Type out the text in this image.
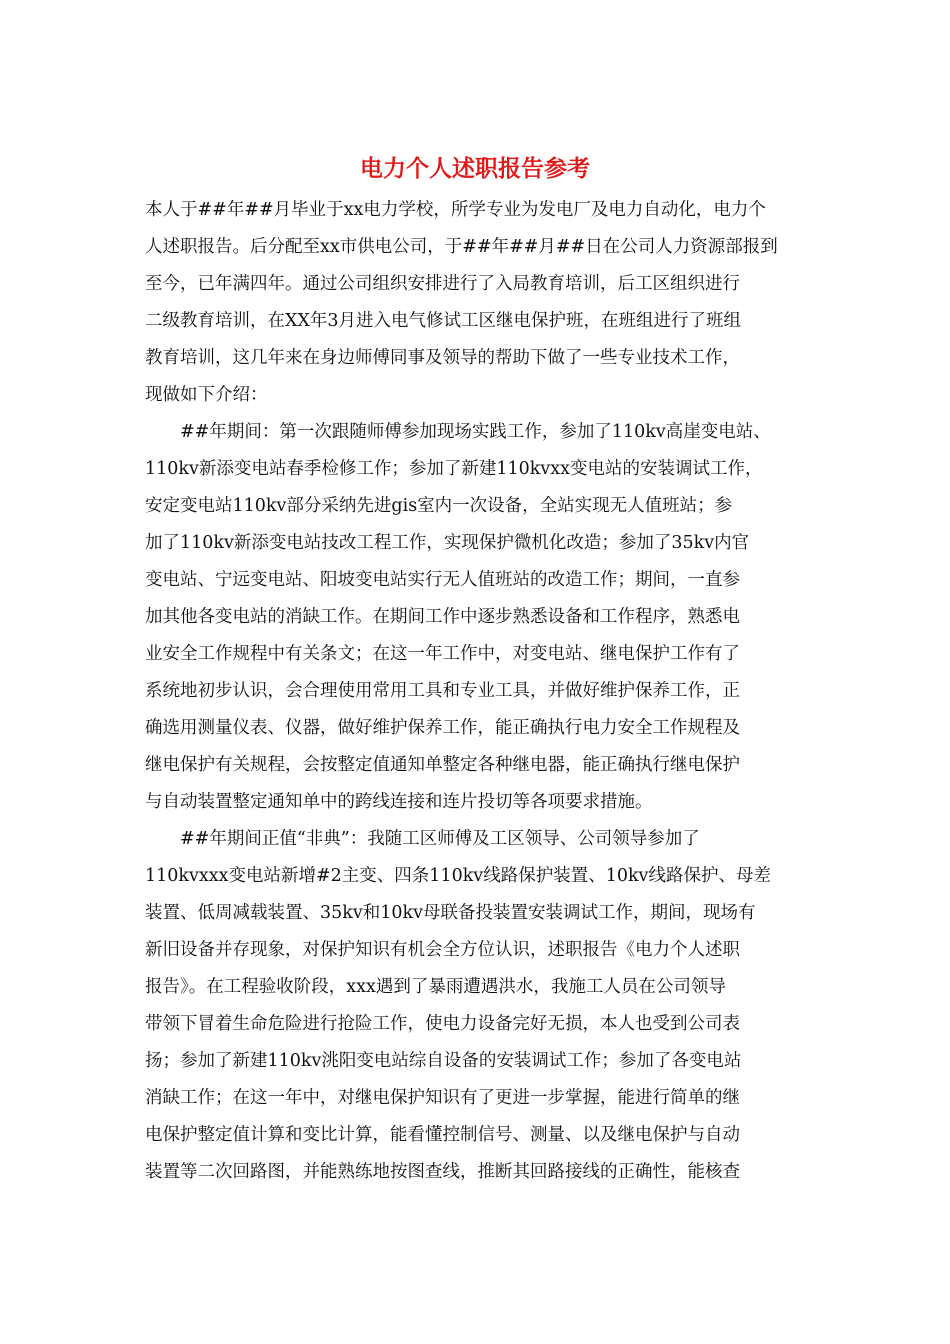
电力个人述职报告参考

本人于##年##月毕业于xx电力学校，所学专业为发电厂及电力自动化，电力个

人述职报告。后分配至xx市供电公司，于##年##月##日在公司人力资源部报到

至今，已年满四年。通过公司组织安排进行了入局教育培训，后工区组织进行

二级教育培训，在XX年3月进入电气修试工区继电保护班，在班组进行了班组

教育培训，这几年来在身边师傅同事及领导的帮助下做了一些专业技术工作，

现做如下介绍：

　　##年期间：第一次跟随师傅参加现场实践工作，参加了110kv高崖变电站、

110kv新添变电站春季检修工作；参加了新建110kvxx变电站的安装调试工作，

安定变电站110kv部分采纳先进gis室内一次设备，全站实现无人值班站；参

加了110kv新添变电站技改工程工作，实现保护微机化改造；参加了35kv内官

变电站、宁远变电站、阳坡变电站实行无人值班站的改造工作；期间，一直参

加其他各变电站的消缺工作。在期间工作中逐步熟悉设备和工作程序，熟悉电

业安全工作规程中有关条文；在这一年工作中，对变电站、继电保护工作有了

系统地初步认识，会合理使用常用工具和专业工具，并做好维护保养工作，正

确选用测量仪表、仪器，做好维护保养工作，能正确执行电力安全工作规程及

继电保护有关规程，会按整定值通知单整定各种继电器，能正确执行继电保护

与自动装置整定通知单中的跨线连接和连片投切等各项要求措施。

　　##年期间正值“非典”：我随工区师傅及工区领导、公司领导参加了

110kvxxx变电站新增#2主变、四条110kv线路保护装置、10kv线路保护、母差

装置、低周减载装置、35kv和10kv母联备投装置安装调试工作，期间，现场有

新旧设备并存现象，对保护知识有机会全方位认识，述职报告《电力个人述职

报告》。在工程验收阶段，xxx遇到了暴雨遭遇洪水，我施工人员在公司领导

带领下冒着生命危险进行抢险工作，使电力设备完好无损，本人也受到公司表

扬；参加了新建110kv洮阳变电站综自设备的安装调试工作；参加了各变电站

消缺工作；在这一年中，对继电保护知识有了更进一步掌握，能进行简单的继

电保护整定值计算和变比计算，能看懂控制信号、测量、以及继电保护与自动

装置等二次回路图，并能熟练地按图查线，推断其回路接线的正确性，能核查
